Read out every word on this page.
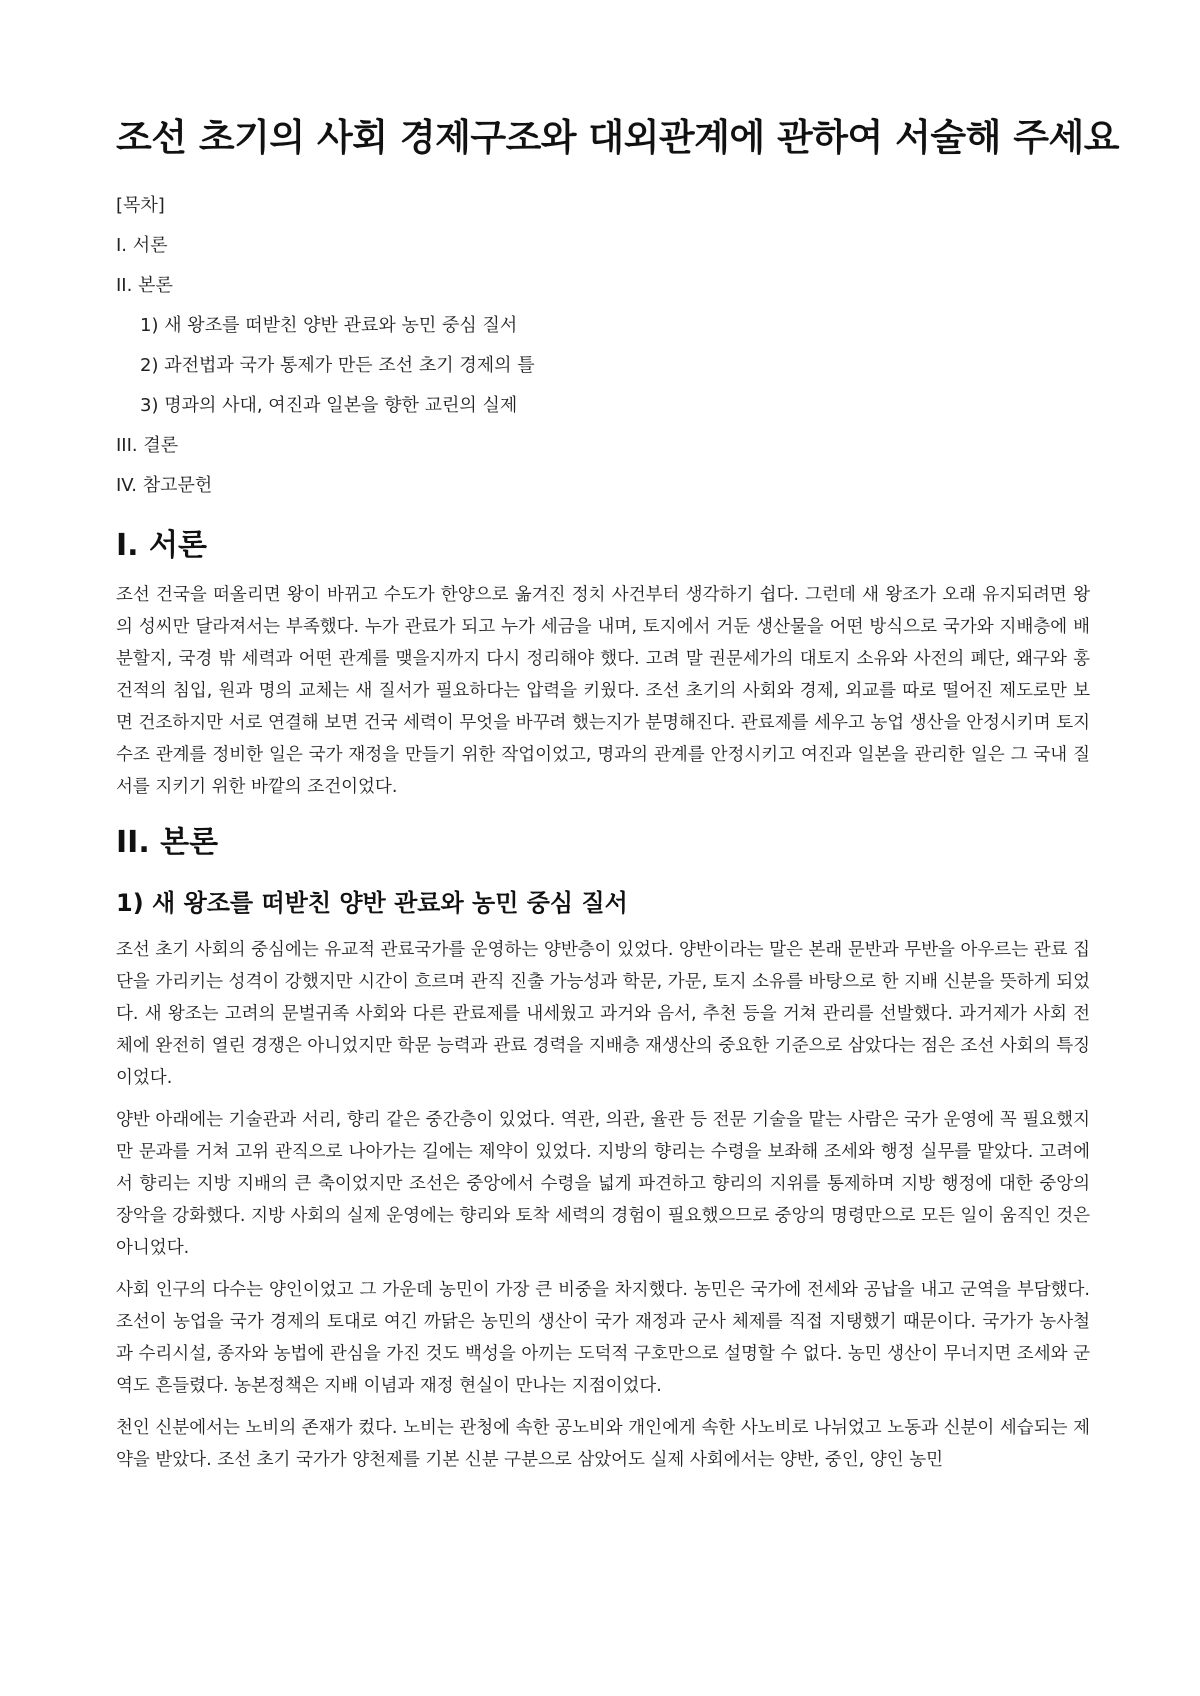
조선 초기의 사회 경제구조와 대외관계에 관하여 서술해 주세요
[목차]
I. 서론
II. 본론
1) 새 왕조를 떠받친 양반 관료와 농민 중심 질서
2) 과전법과 국가 통제가 만든 조선 초기 경제의 틀
3) 명과의 사대, 여진과 일본을 향한 교린의 실제
III. 결론
IV. 참고문헌
I. 서론

조선 건국을 떠올리면 왕이 바뀌고 수도가 한양으로 옮겨진 정치 사건부터 생각하기 쉽다. 그런데 새 왕조가 오래 유지되려면 왕의 성씨만 달라져서는 부족했다. 누가 관료가 되고 누가 세금을 내며, 토지에서 거둔 생산물을 어떤 방식으로 국가와 지배층에 배분할지, 국경 밖 세력과 어떤 관계를 맺을지까지 다시 정리해야 했다. 고려 말 권문세가의 대토지 소유와 사전의 폐단, 왜구와 홍건적의 침입, 원과 명의 교체는 새 질서가 필요하다는 압력을 키웠다. 조선 초기의 사회와 경제, 외교를 따로 떨어진 제도로만 보면 건조하지만 서로 연결해 보면 건국 세력이 무엇을 바꾸려 했는지가 분명해진다. 관료제를 세우고 농업 생산을 안정시키며 토지 수조 관계를 정비한 일은 국가 재정을 만들기 위한 작업이었고, 명과의 관계를 안정시키고 여진과 일본을 관리한 일은 그 국내 질서를 지키기 위한 바깥의 조건이었다.

II. 본론
1) 새 왕조를 떠받친 양반 관료와 농민 중심 질서

조선 초기 사회의 중심에는 유교적 관료국가를 운영하는 양반층이 있었다. 양반이라는 말은 본래 문반과 무반을 아우르는 관료 집단을 가리키는 성격이 강했지만 시간이 흐르며 관직 진출 가능성과 학문, 가문, 토지 소유를 바탕으로 한 지배 신분을 뜻하게 되었다. 새 왕조는 고려의 문벌귀족 사회와 다른 관료제를 내세웠고 과거와 음서, 추천 등을 거쳐 관리를 선발했다. 과거제가 사회 전체에 완전히 열린 경쟁은 아니었지만 학문 능력과 관료 경력을 지배층 재생산의 중요한 기준으로 삼았다는 점은 조선 사회의 특징이었다.

양반 아래에는 기술관과 서리, 향리 같은 중간층이 있었다. 역관, 의관, 율관 등 전문 기술을 맡는 사람은 국가 운영에 꼭 필요했지만 문과를 거쳐 고위 관직으로 나아가는 길에는 제약이 있었다. 지방의 향리는 수령을 보좌해 조세와 행정 실무를 맡았다. 고려에서 향리는 지방 지배의 큰 축이었지만 조선은 중앙에서 수령을 넓게 파견하고 향리의 지위를 통제하며 지방 행정에 대한 중앙의 장악을 강화했다. 지방 사회의 실제 운영에는 향리와 토착 세력의 경험이 필요했으므로 중앙의 명령만으로 모든 일이 움직인 것은 아니었다.

사회 인구의 다수는 양인이었고 그 가운데 농민이 가장 큰 비중을 차지했다. 농민은 국가에 전세와 공납을 내고 군역을 부담했다. 조선이 농업을 국가 경제의 토대로 여긴 까닭은 농민의 생산이 국가 재정과 군사 체제를 직접 지탱했기 때문이다. 국가가 농사철과 수리시설, 종자와 농법에 관심을 가진 것도 백성을 아끼는 도덕적 구호만으로 설명할 수 없다. 농민 생산이 무너지면 조세와 군역도 흔들렸다. 농본정책은 지배 이념과 재정 현실이 만나는 지점이었다.

천인 신분에서는 노비의 존재가 컸다. 노비는 관청에 속한 공노비와 개인에게 속한 사노비로 나뉘었고 노동과 신분이 세습되는 제약을 받았다. 조선 초기 국가가 양천제를 기본 신분 구분으로 삼았어도 실제 사회에서는 양반, 중인, 양인 농민
